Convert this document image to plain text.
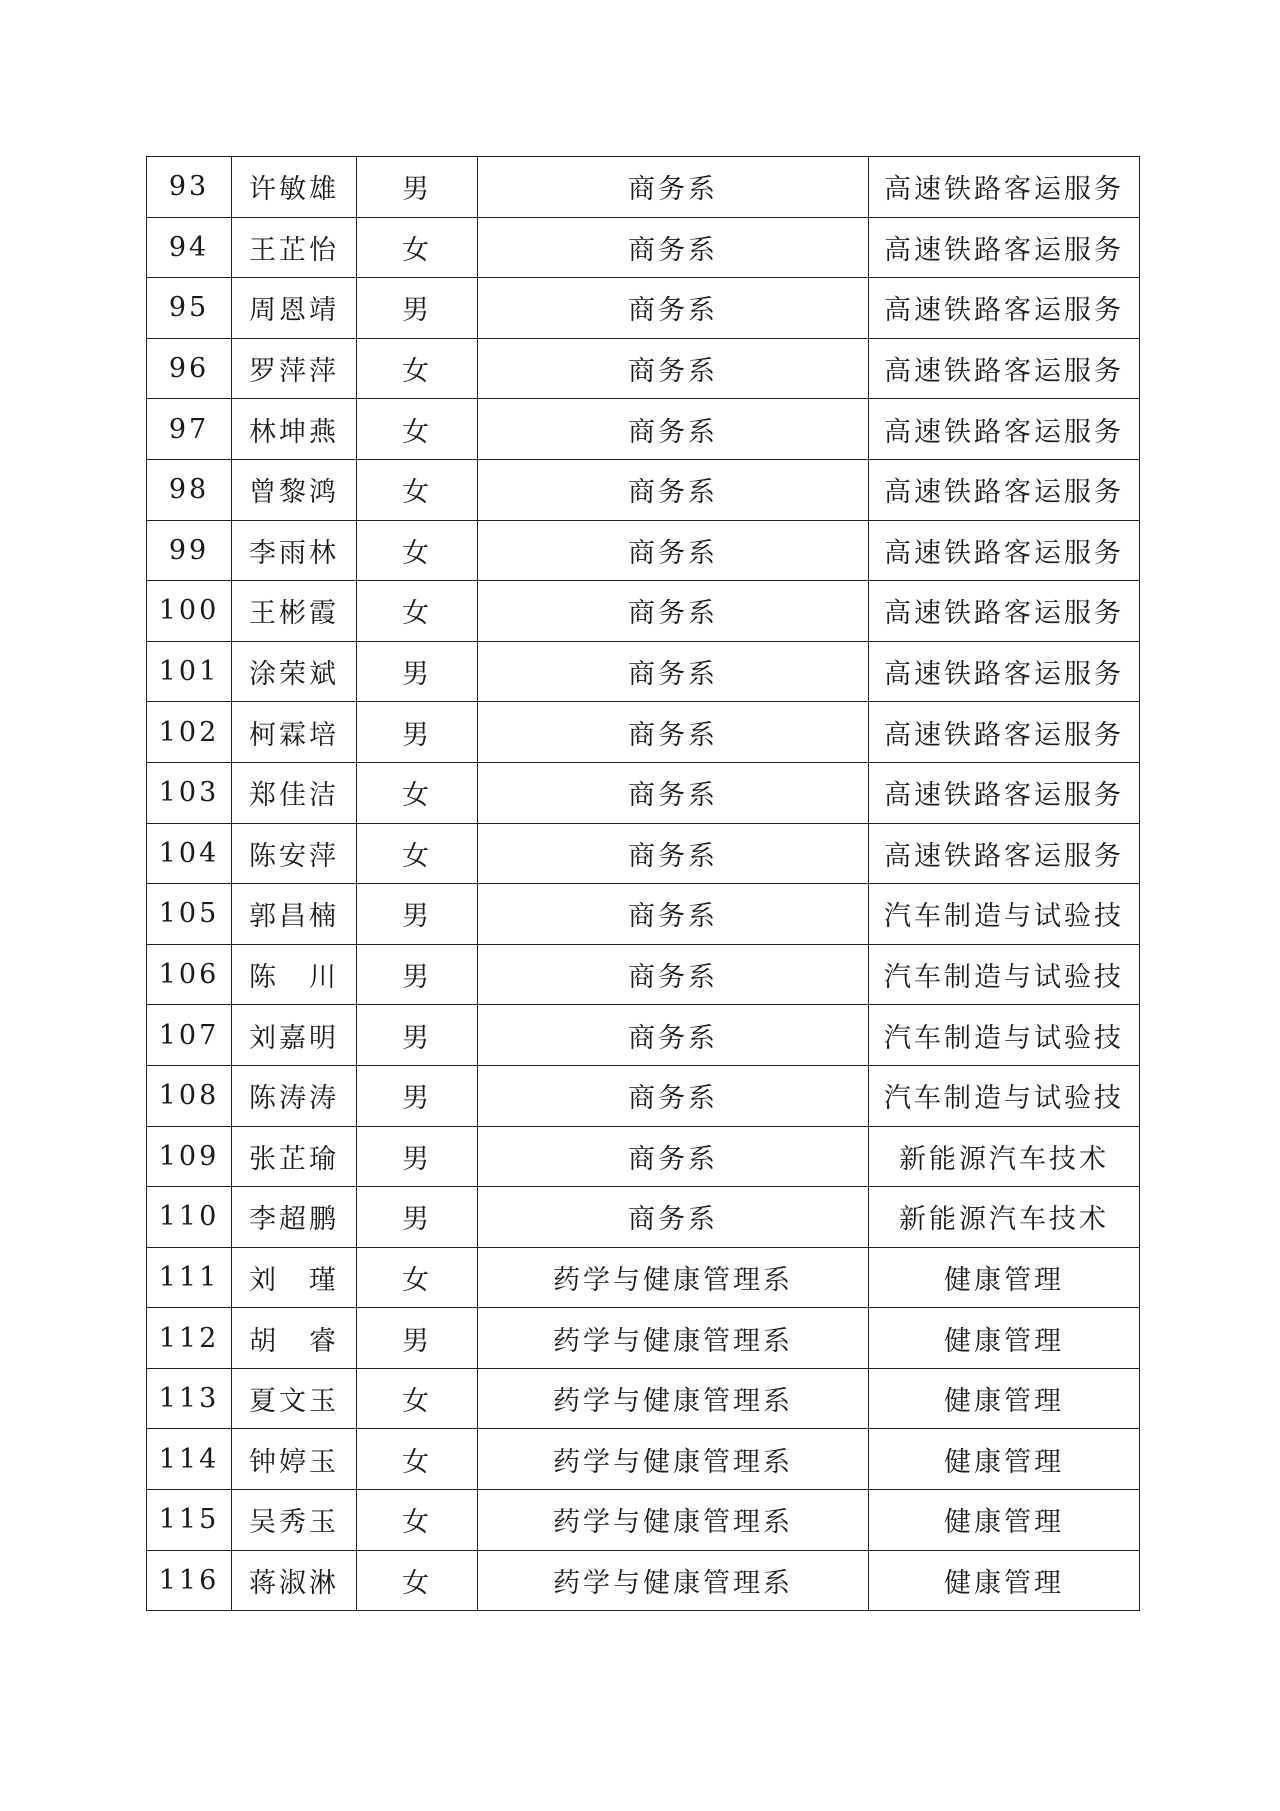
93	许敏雄	男	商务系	高速铁路客运服务
94	王芷怡	女	商务系	高速铁路客运服务
95	周恩靖	男	商务系	高速铁路客运服务
96	罗萍萍	女	商务系	高速铁路客运服务
97	林坤燕	女	商务系	高速铁路客运服务
98	曾黎鸿	女	商务系	高速铁路客运服务
99	李雨林	女	商务系	高速铁路客运服务
100	王彬霞	女	商务系	高速铁路客运服务
101	涂荣斌	男	商务系	高速铁路客运服务
102	柯霖培	男	商务系	高速铁路客运服务
103	郑佳洁	女	商务系	高速铁路客运服务
104	陈安萍	女	商务系	高速铁路客运服务
105	郭昌楠	男	商务系	汽车制造与试验技
106	陈　川	男	商务系	汽车制造与试验技
107	刘嘉明	男	商务系	汽车制造与试验技
108	陈涛涛	男	商务系	汽车制造与试验技
109	张芷瑜	男	商务系	新能源汽车技术
110	李超鹏	男	商务系	新能源汽车技术
111	刘　瑾	女	药学与健康管理系	健康管理
112	胡　睿	男	药学与健康管理系	健康管理
113	夏文玉	女	药学与健康管理系	健康管理
114	钟婷玉	女	药学与健康管理系	健康管理
115	吴秀玉	女	药学与健康管理系	健康管理
116	蒋淑淋	女	药学与健康管理系	健康管理
